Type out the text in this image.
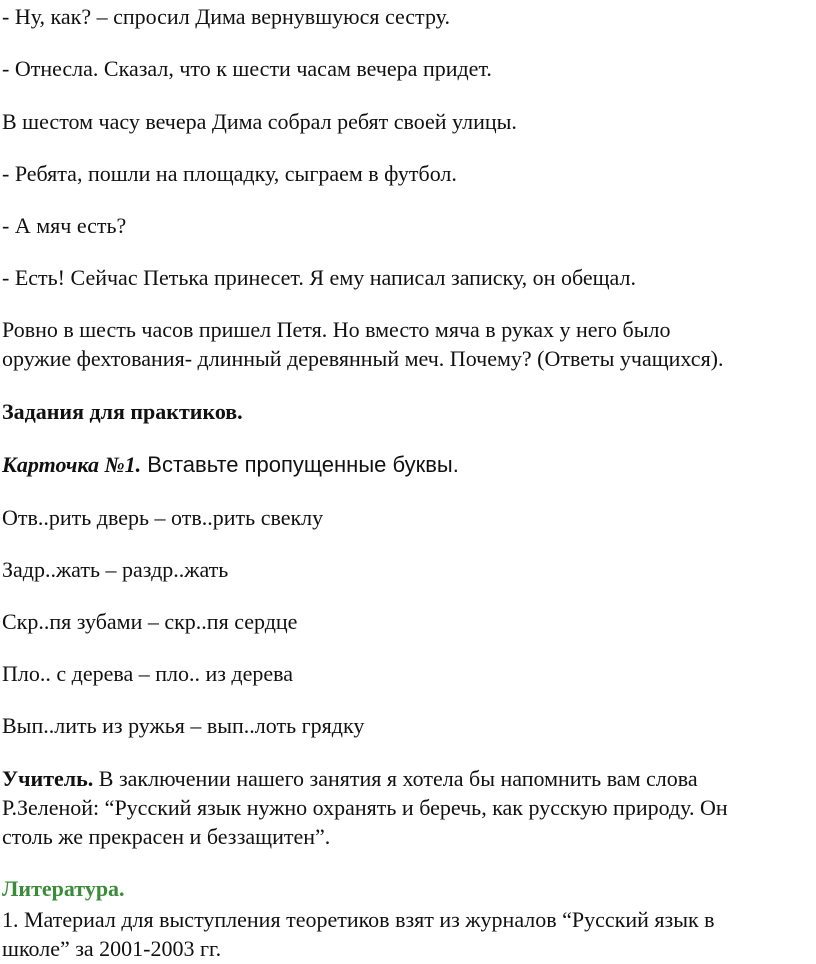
- Ну, как? – спросил Дима вернувшуюся сестру.
- Отнесла. Сказал, что к шести часам вечера придет.
В шестом часу вечера Дима собрал ребят своей улицы.
- Ребята, пошли на площадку, сыграем в футбол.
- А мяч есть?
- Есть! Сейчас Петька принесет. Я ему написал записку, он обещал.
Ровно в шесть часов пришел Петя. Но вместо мяча в руках у него было
оружие фехтования- длинный деревянный меч. Почему? (Ответы учащихся).
Задания для практиков.
Карточка №1. Вставьте пропущенные буквы.
Отв..рить дверь – отв..рить свеклу
Задр..жать – раздр..жать
Скр..пя зубами – скр..пя сердце
Пло.. с дерева – пло.. из дерева
Вып..лить из ружья – вып..лоть грядку
Учитель. В заключении нашего занятия я хотела бы напомнить вам слова
Р.Зеленой: “Русский язык нужно охранять и беречь, как русскую природу. Он
столь же прекрасен и беззащитен”.
Литература.
1. Материал для выступления теоретиков взят из журналов “Русский язык в
школе” за 2001-2003 гг.
